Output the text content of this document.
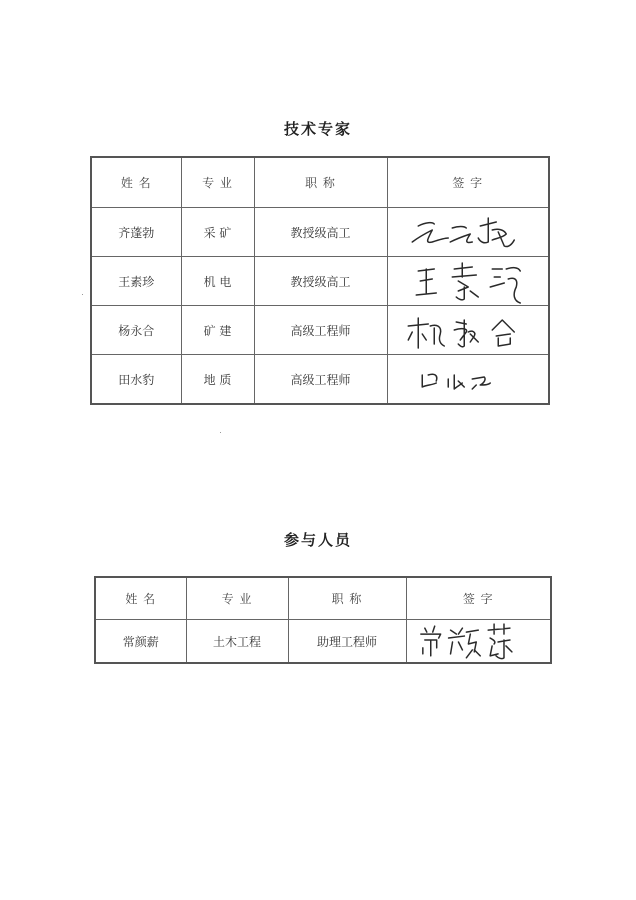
技术专家
姓 名	专 业	职 称	签 字
齐蓬勃	采 矿	教授级高工	

王素珍	机 电	教授级高工	

杨永合	矿 建	高级工程师	

田水豹	地 质	高级工程师	
参与人员
姓 名	专 业	职 称	签 字
常颜薪	土木工程	助理工程师	
